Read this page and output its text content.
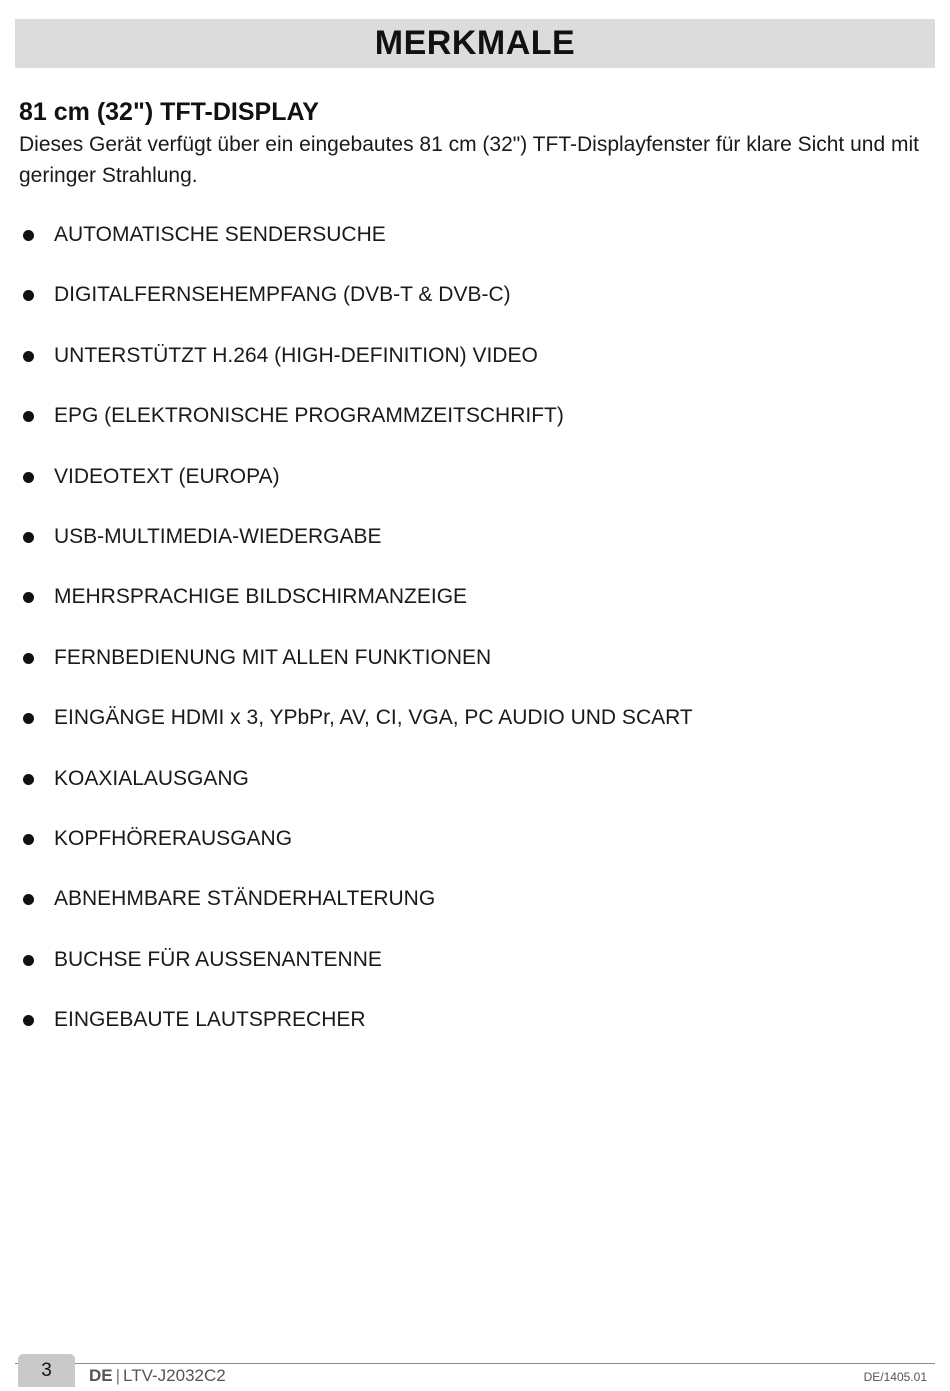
MERKMALE
81 cm (32") TFT-DISPLAY

Dieses Gerät verfügt über ein eingebautes 81 cm (32") TFT-Displayfenster für klare Sicht und mit geringer Strahlung.

AUTOMATISCHE SENDERSUCHE
DIGITALFERNSEHEMPFANG (DVB-T & DVB-C)
UNTERSTÜTZT H.264 (HIGH-DEFINITION) VIDEO
EPG (ELEKTRONISCHE PROGRAMMZEITSCHRIFT)
VIDEOTEXT (EUROPA)
USB-MULTIMEDIA-WIEDERGABE
MEHRSPRACHIGE BILDSCHIRMANZEIGE
FERNBEDIENUNG MIT ALLEN FUNKTIONEN
EINGÄNGE HDMI x 3, YPbPr, AV, CI, VGA, PC AUDIO UND SCART
KOAXIALAUSGANG
KOPFHÖRERAUSGANG
ABNEHMBARE STÄNDERHALTERUNG
BUCHSE FÜR AUSSENANTENNE
EINGEBAUTE LAUTSPRECHER
3	DE | LTV-J2032C2	DE/1405.01
